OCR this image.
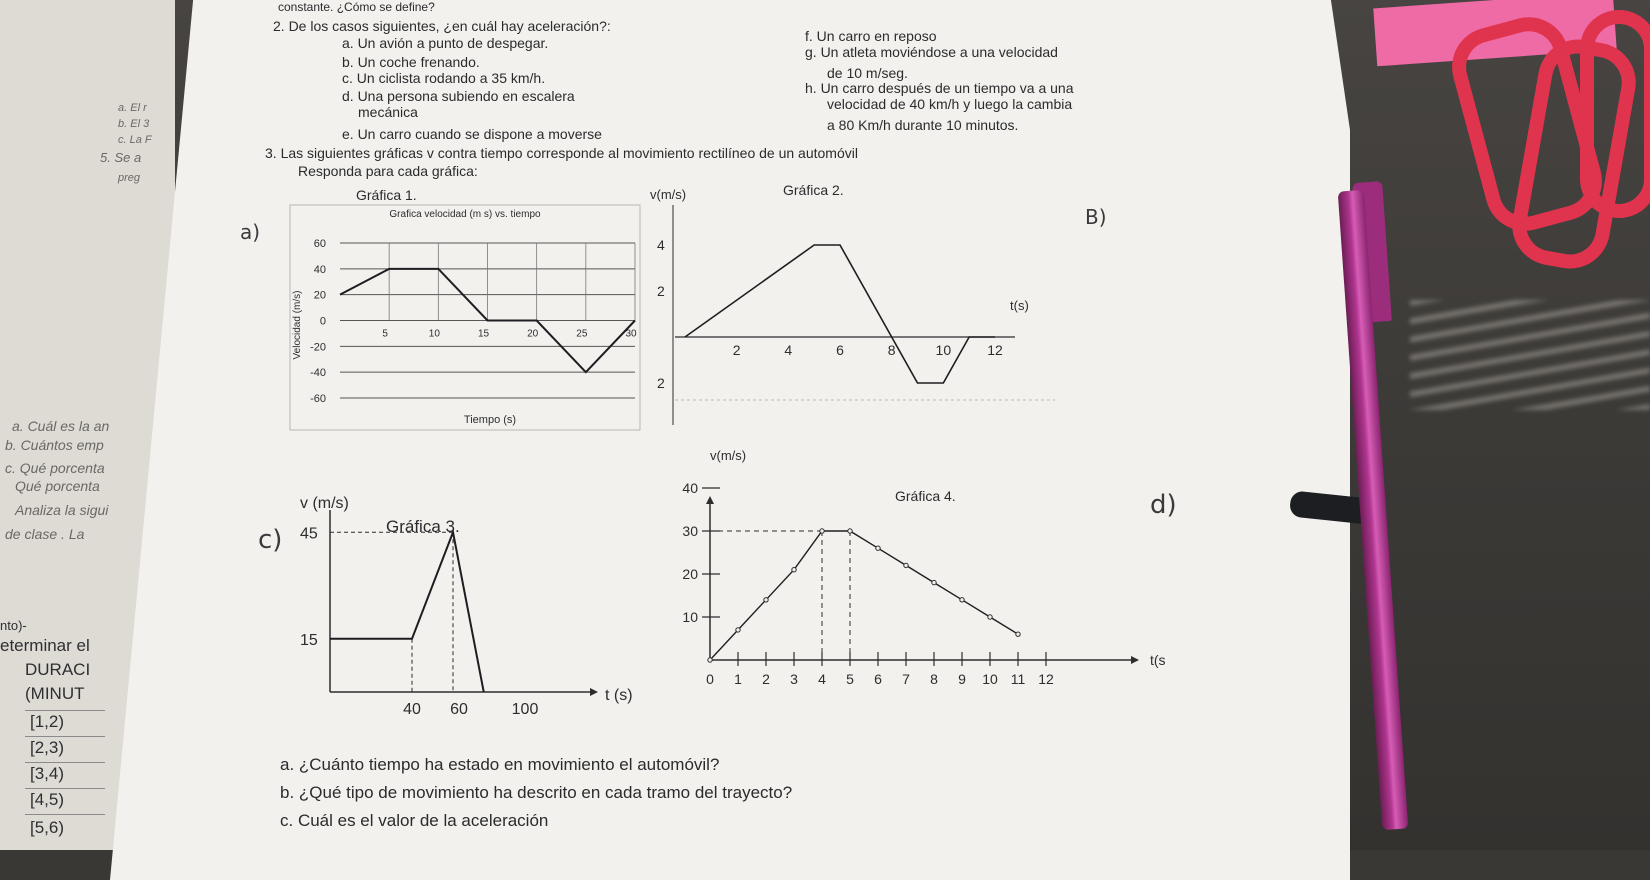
a. El r
b. El 3
c. La F
5. Se a
preg
a. Cuál es la an
b. Cuántos emp
c. Qué porcenta
Qué porcenta
Analiza la sigui
de clase . La
nto)-
eterminar el
DURACI
(MINUT
[1,2)
[2,3)
[3,4)
[4,5)
[5,6)
constante. ¿Cómo se define?
2. De los casos siguientes, ¿en cuál hay aceleración?:
a. Un avión a punto de despegar.
b. Un coche frenando.
c. Un ciclista rodando a 35 km/h.
d. Una persona subiendo en escalera
mecánica
e. Un carro cuando se dispone a moverse
f. Un carro en reposo
g. Un atleta moviéndose a una velocidad
de 10 m/seg.
h. Un carro después de un tiempo va a una
velocidad de 40 km/h y luego la cambia
a 80 Km/h durante 10 minutos.
3. Las siguientes gráficas v contra tiempo corresponde al movimiento rectilíneo de un automóvil
Responda para cada gráfica:
Gráfica 1.	Gráfica 2.
Gráfica 3.
Gráfica 4.
a)
B)
c)
d)
Grafica velocidad (m s) vs. tiempo
60
40
20
0
-20
-40
-60
5	10	15	20	25	30
Velocidad (m/s)
Tiempo (s)
v(m/s)
t(s)
2	4	6	8	10	12
4
2
2
v (m/s)
t (s)
45
15
40 60	100
v(m/s)
t(s
40
30
20
10
0 1 2 3 4 5 6 7 8 9 10 11 12
a. ¿Cuánto tiempo ha estado en movimiento el automóvil?
b. ¿Qué tipo de movimiento ha descrito en cada tramo del trayecto?
c. Cuál es el valor de la aceleración
